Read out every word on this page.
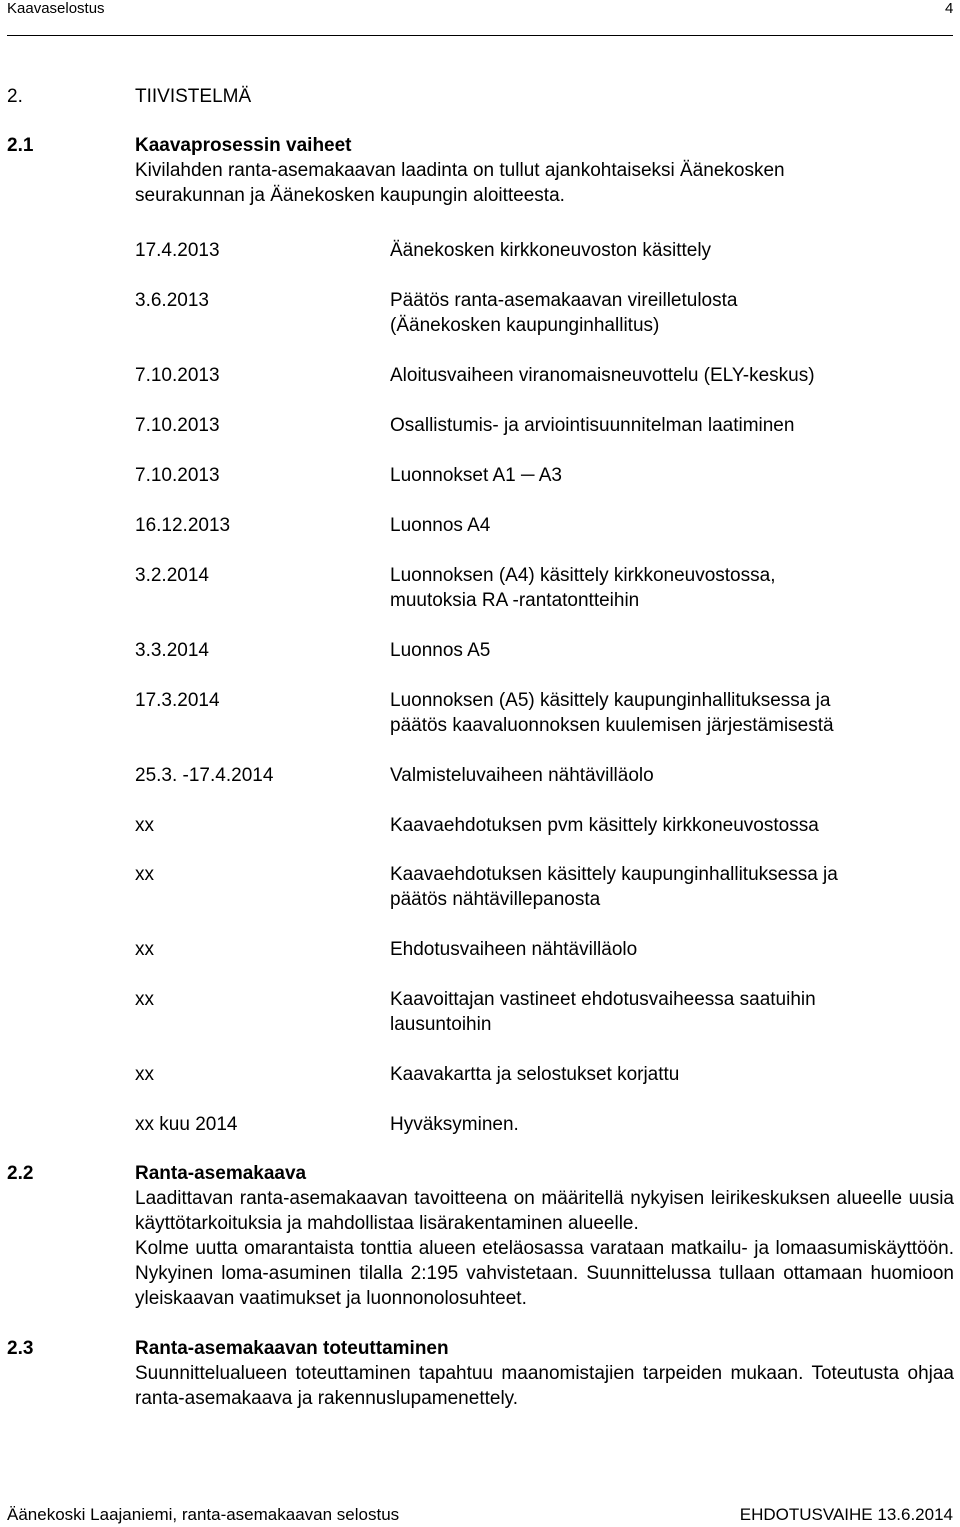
Kaavaselostus	4
2.	TIIVISTELMÄ
2.1	Kaavaprosessin vaiheet
Kivilahden ranta-asemakaavan laadinta on tullut ajankohtaiseksi Äänekosken
seurakunnan ja Äänekosken kaupungin aloitteesta.
17.4.2013	Äänekosken kirkkoneuvoston käsittely
3.6.2013	Päätös ranta-asemakaavan vireilletulosta
(Äänekosken kaupunginhallitus)
7.10.2013	Aloitusvaiheen viranomaisneuvottelu (ELY-keskus)
7.10.2013	Osallistumis- ja arviointisuunnitelman laatiminen
7.10.2013	Luonnokset A1 ─ A3
16.12.2013	Luonnos A4
3.2.2014	Luonnoksen (A4) käsittely kirkkoneuvostossa,
muutoksia RA -rantatontteihin
3.3.2014	Luonnos A5
17.3.2014	Luonnoksen (A5) käsittely kaupunginhallituksessa ja
päätös kaavaluonnoksen kuulemisen järjestämisestä
25.3. -17.4.2014	Valmisteluvaiheen nähtävilläolo
xx	Kaavaehdotuksen pvm käsittely kirkkoneuvostossa
xx	Kaavaehdotuksen käsittely kaupunginhallituksessa ja
päätös nähtävillepanosta
xx	Ehdotusvaiheen nähtävilläolo
xx	Kaavoittajan vastineet ehdotusvaiheessa saatuihin
lausuntoihin
xx	Kaavakartta ja selostukset korjattu
xx kuu 2014	Hyväksyminen.
2.2	Ranta-asemakaava

Laadittavan ranta-asemakaavan tavoitteena on määritellä nykyisen leirikeskuksen alueelle uusia käyttötarkoituksia ja mahdollistaa lisärakentaminen alueelle.

Kolme uutta omarantaista tonttia alueen eteläosassa varataan matkailu- ja lomaasumiskäyttöön. Nykyinen loma-asuminen tilalla 2:195 vahvistetaan. Suunnittelussa tullaan ottamaan huomioon yleiskaavan vaatimukset ja luonnonolosuhteet.

2.3	Ranta-asemakaavan toteuttaminen

Suunnittelualueen toteuttaminen tapahtuu maanomistajien tarpeiden mukaan. Toteutusta ohjaa ranta-asemakaava ja rakennuslupamenettely.

Äänekoski Laajaniemi, ranta-asemakaavan selostus	EHDOTUSVAIHE 13.6.2014
